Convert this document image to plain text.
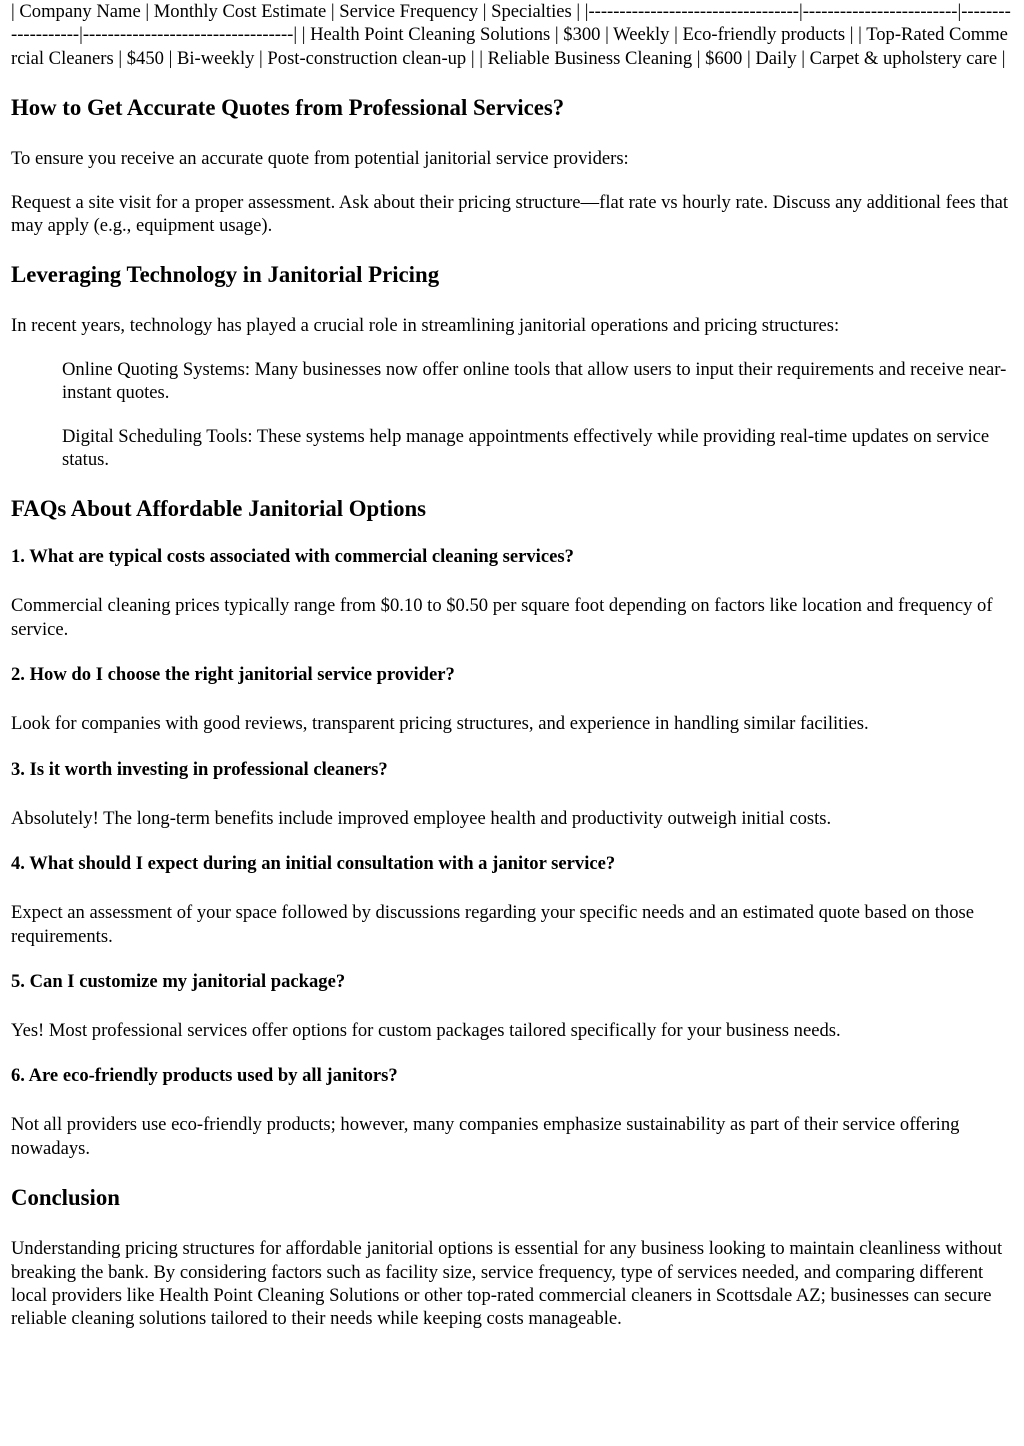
| Company Name | Monthly Cost Estimate | Service Frequency | Specialties | |----------------------------------|-------------------------|-------------------|----------------------------------| | Health Point Cleaning Solutions | $300 | Weekly | Eco-friendly products | | Top-Rated Commercial Cleaners | $450 | Bi-weekly | Post-construction clean-up | | Reliable Business Cleaning | $600 | Daily | Carpet & upholstery care |

How to Get Accurate Quotes from Professional Services?

To ensure you receive an accurate quote from potential janitorial service providers:

Request a site visit for a proper assessment. Ask about their pricing structure—flat rate vs hourly rate. Discuss any additional fees that may apply (e.g., equipment usage).

Leveraging Technology in Janitorial Pricing

In recent years, technology has played a crucial role in streamlining janitorial operations and pricing structures:

Online Quoting Systems: Many businesses now offer online tools that allow users to input their requirements and receive near-instant quotes.
Digital Scheduling Tools: These systems help manage appointments effectively while providing real-time updates on service status.
FAQs About Affordable Janitorial Options
1. What are typical costs associated with commercial cleaning services?

Commercial cleaning prices typically range from $0.10 to $0.50 per square foot depending on factors like location and frequency of service.

2. How do I choose the right janitorial service provider?

Look for companies with good reviews, transparent pricing structures, and experience in handling similar facilities.

3. Is it worth investing in professional cleaners?

Absolutely! The long-term benefits include improved employee health and productivity outweigh initial costs.

4. What should I expect during an initial consultation with a janitor service?

Expect an assessment of your space followed by discussions regarding your specific needs and an estimated quote based on those requirements.

5. Can I customize my janitorial package?

Yes! Most professional services offer options for custom packages tailored specifically for your business needs.

6. Are eco-friendly products used by all janitors?

Not all providers use eco-friendly products; however, many companies emphasize sustainability as part of their service offering nowadays.

Conclusion

Understanding pricing structures for affordable janitorial options is essential for any business looking to maintain cleanliness without breaking the bank. By considering factors such as facility size, service frequency, type of services needed, and comparing different local providers like Health Point Cleaning Solutions or other top-rated commercial cleaners in Scottsdale AZ; businesses can secure reliable cleaning solutions tailored to their needs while keeping costs manageable.
